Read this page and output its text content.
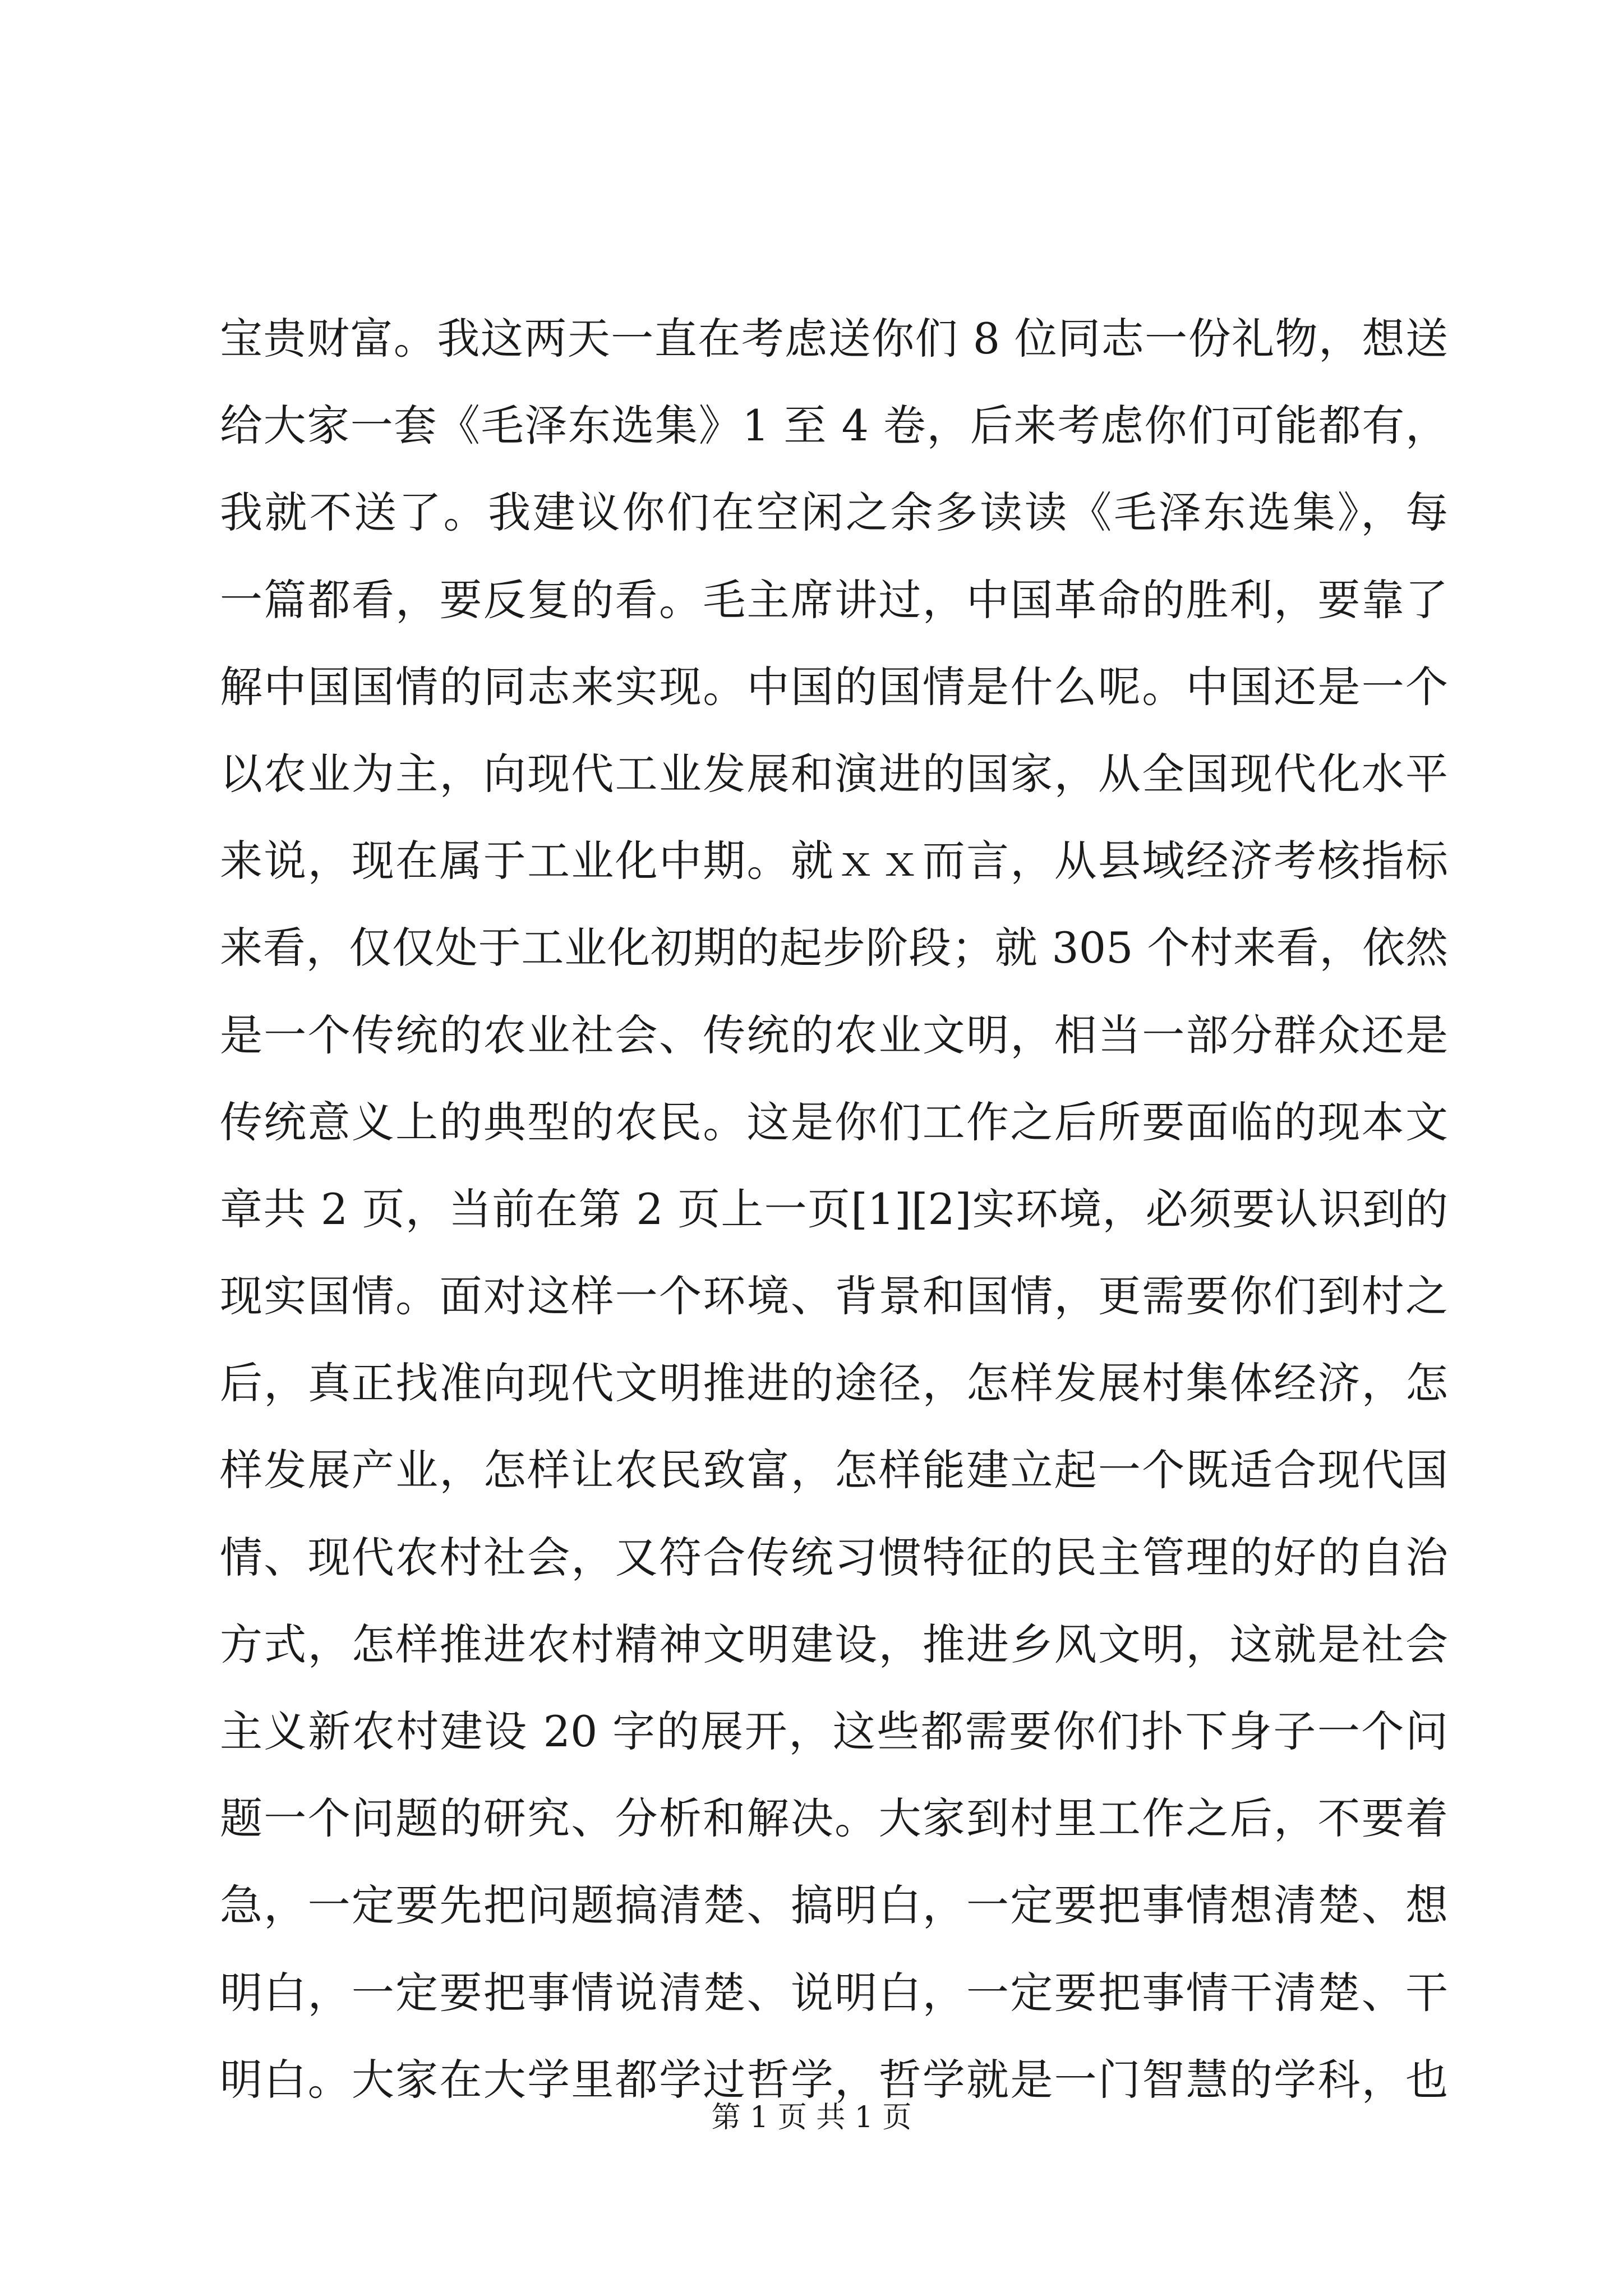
宝贵财富。我这两天一直在考虑送你们 8 位同志一份礼物，想送
给大家一套《毛泽东选集》1 至 4 卷，后来考虑你们可能都有，
我就不送了。我建议你们在空闲之余多读读《毛泽东选集》，每
一篇都看，要反复的看。毛主席讲过，中国革命的胜利，要靠了
解中国国情的同志来实现。中国的国情是什么呢。中国还是一个
以农业为主，向现代工业发展和演进的国家，从全国现代化水平
来说，现在属于工业化中期。就ｘｘ而言，从县域经济考核指标
来看，仅仅处于工业化初期的起步阶段；就 305 个村来看，依然
是一个传统的农业社会、传统的农业文明，相当一部分群众还是
传统意义上的典型的农民。这是你们工作之后所要面临的现本文
章共 2 页，当前在第 2 页上一页[1][2]实环境，必须要认识到的
现实国情。面对这样一个环境、背景和国情，更需要你们到村之
后，真正找准向现代文明推进的途径，怎样发展村集体经济，怎
样发展产业，怎样让农民致富，怎样能建立起一个既适合现代国
情、现代农村社会，又符合传统习惯特征的民主管理的好的自治
方式，怎样推进农村精神文明建设，推进乡风文明，这就是社会
主义新农村建设 20 字的展开，这些都需要你们扑下身子一个问
题一个问题的研究、分析和解决。大家到村里工作之后，不要着
急，一定要先把问题搞清楚、搞明白，一定要把事情想清楚、想
明白，一定要把事情说清楚、说明白，一定要把事情干清楚、干
明白。大家在大学里都学过哲学，哲学就是一门智慧的学科，也
第 1 页 共 1 页
